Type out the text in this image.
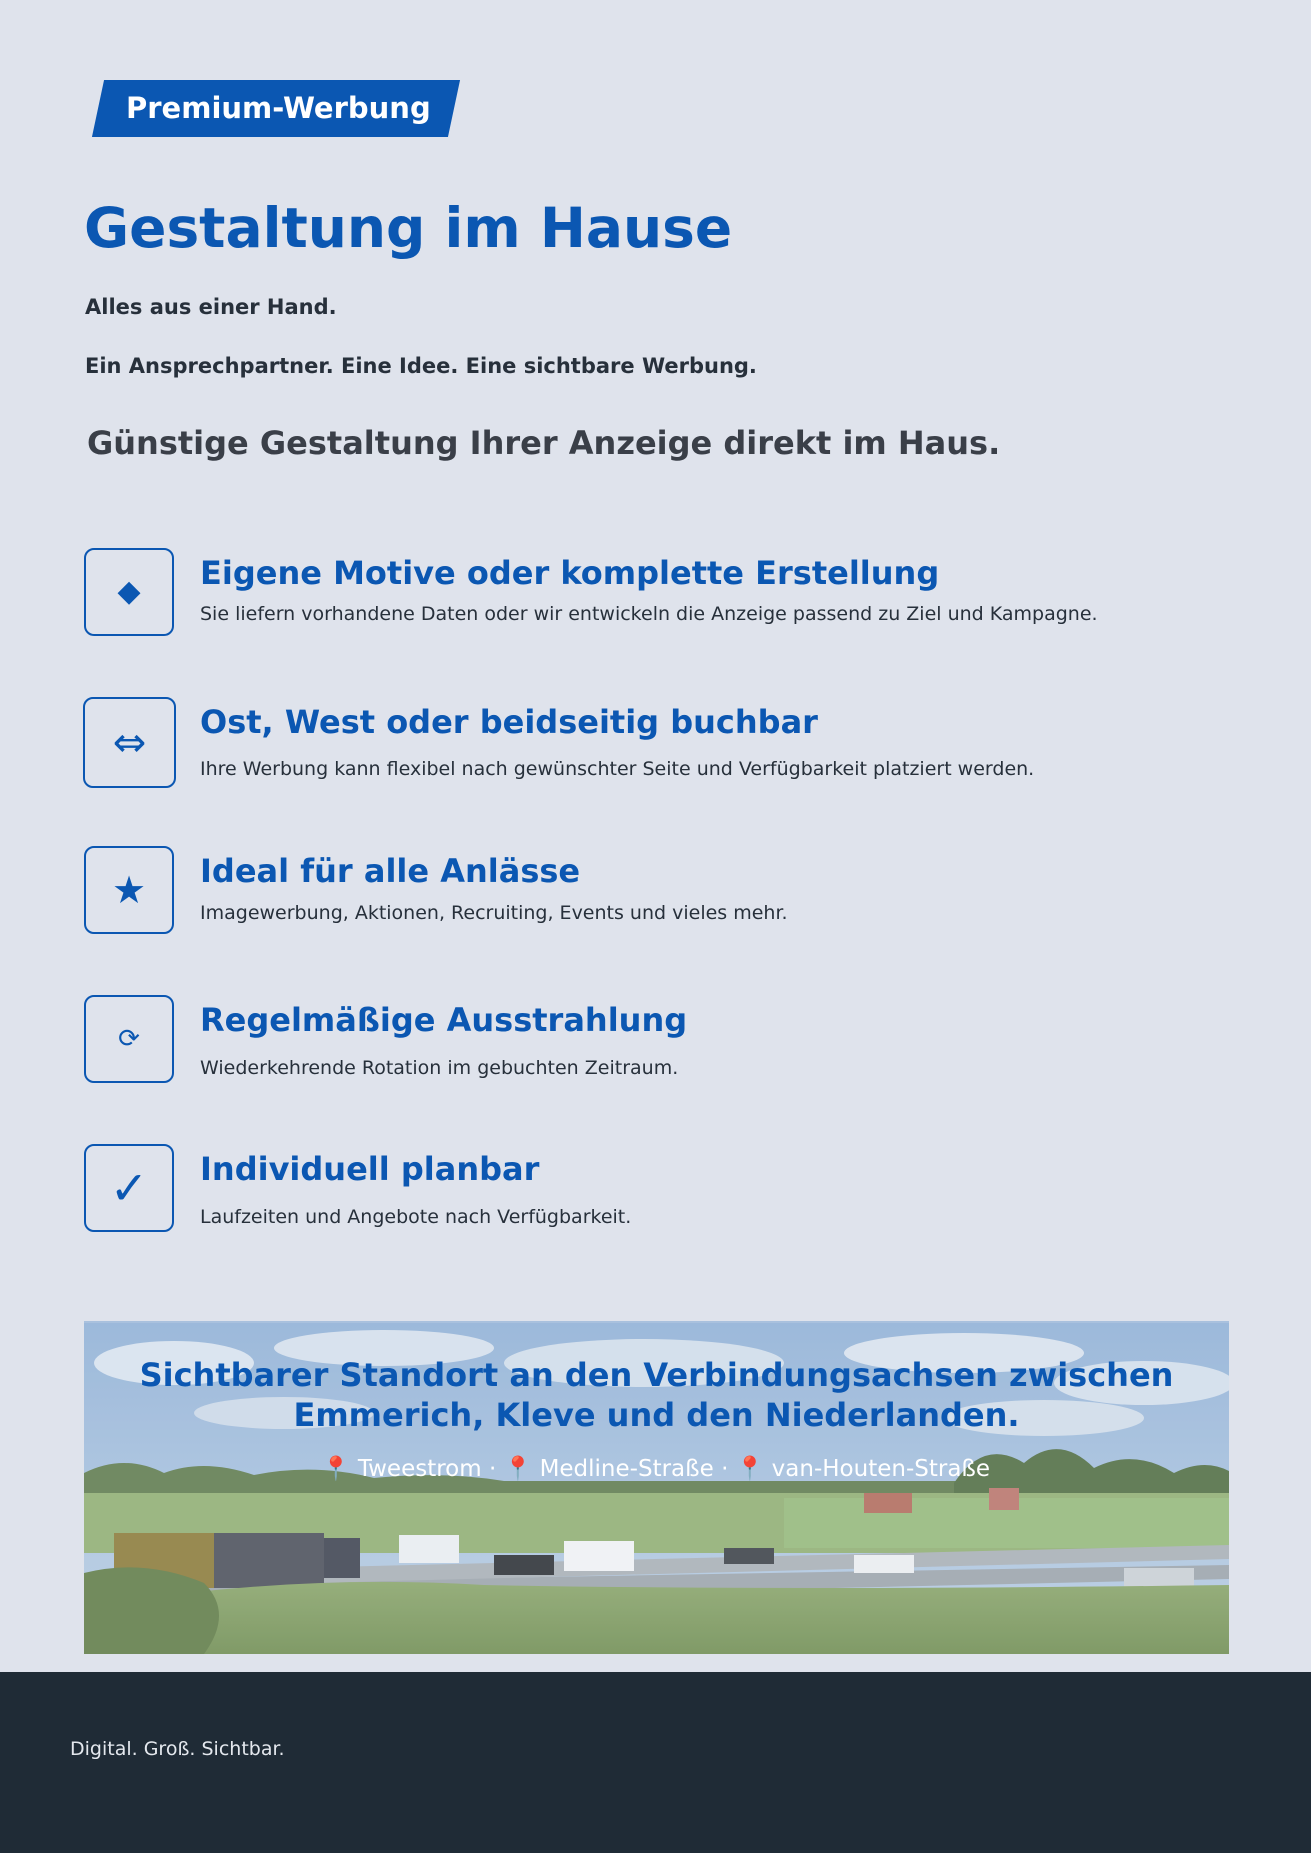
Premium-Werbung
Gestaltung im Hause
Alles aus einer Hand.
Ein Ansprechpartner. Eine Idee. Eine sichtbare Werbung.
Günstige Gestaltung Ihrer Anzeige direkt im Haus.
◆	Eigene Motive oder komplette Erstellung
Sie liefern vorhandene Daten oder wir entwickeln die Anzeige passend zu Ziel und Kampagne.
⇔	Ost, West oder beidseitig buchbar
Ihre Werbung kann flexibel nach gewünschter Seite und Verfügbarkeit platziert werden.
★	Ideal für alle Anlässe
Imagewerbung, Aktionen, Recruiting, Events und vieles mehr.
⟳	Regelmäßige Ausstrahlung
Wiederkehrende Rotation im gebuchten Zeitraum.
✓	Individuell planbar
Laufzeiten und Angebote nach Verfügbarkeit.
Sichtbarer Standort an den Verbindungsachsen zwischen Emmerich, Kleve und den Niederlanden.
📍 Tweestrom · 📍 Medline-Straße · 📍 van-Houten-Straße
Digital. Groß. Sichtbar.
